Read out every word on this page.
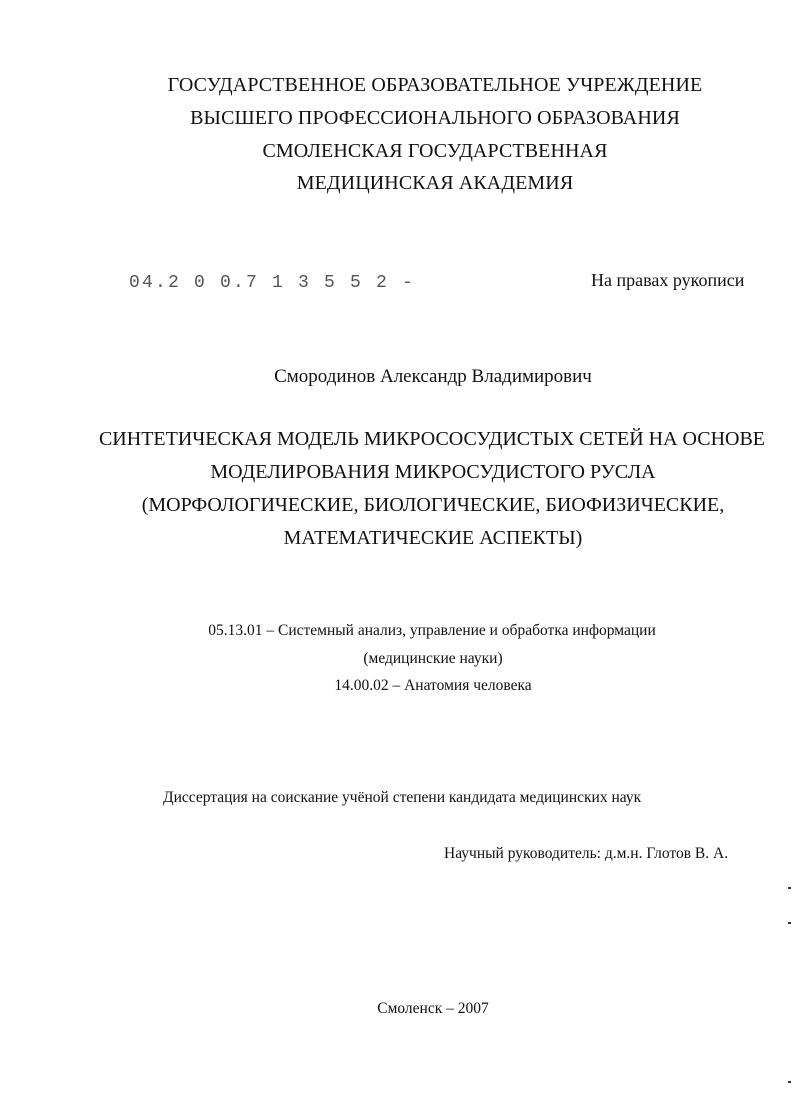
ГОСУДАРСТВЕННОЕ ОБРАЗОВАТЕЛЬНОЕ УЧРЕЖДЕНИЕ
ВЫСШЕГО ПРОФЕССИОНАЛЬНОГО ОБРАЗОВАНИЯ
СМОЛЕНСКАЯ ГОСУДАРСТВЕННАЯ
МЕДИЦИНСКАЯ АКАДЕМИЯ
04.2 0 0.7 1 3 5 5 2 -	На правах рукописи
Смородинов Александр Владимирович
СИНТЕТИЧЕСКАЯ МОДЕЛЬ МИКРОСОСУДИСТЫХ СЕТЕЙ НА ОСНОВЕ
МОДЕЛИРОВАНИЯ МИКРОСУДИСТОГО РУСЛА
(МОРФОЛОГИЧЕСКИЕ, БИОЛОГИЧЕСКИЕ, БИОФИЗИЧЕСКИЕ,
МАТЕМАТИЧЕСКИЕ АСПЕКТЫ)
05.13.01 – Системный анализ, управление и обработка информации
(медицинские науки)
14.00.02 – Анатомия человека
Диссертация на соискание учёной степени кандидата медицинских наук
Научный руководитель: д.м.н. Глотов В. А.
Смоленск – 2007
